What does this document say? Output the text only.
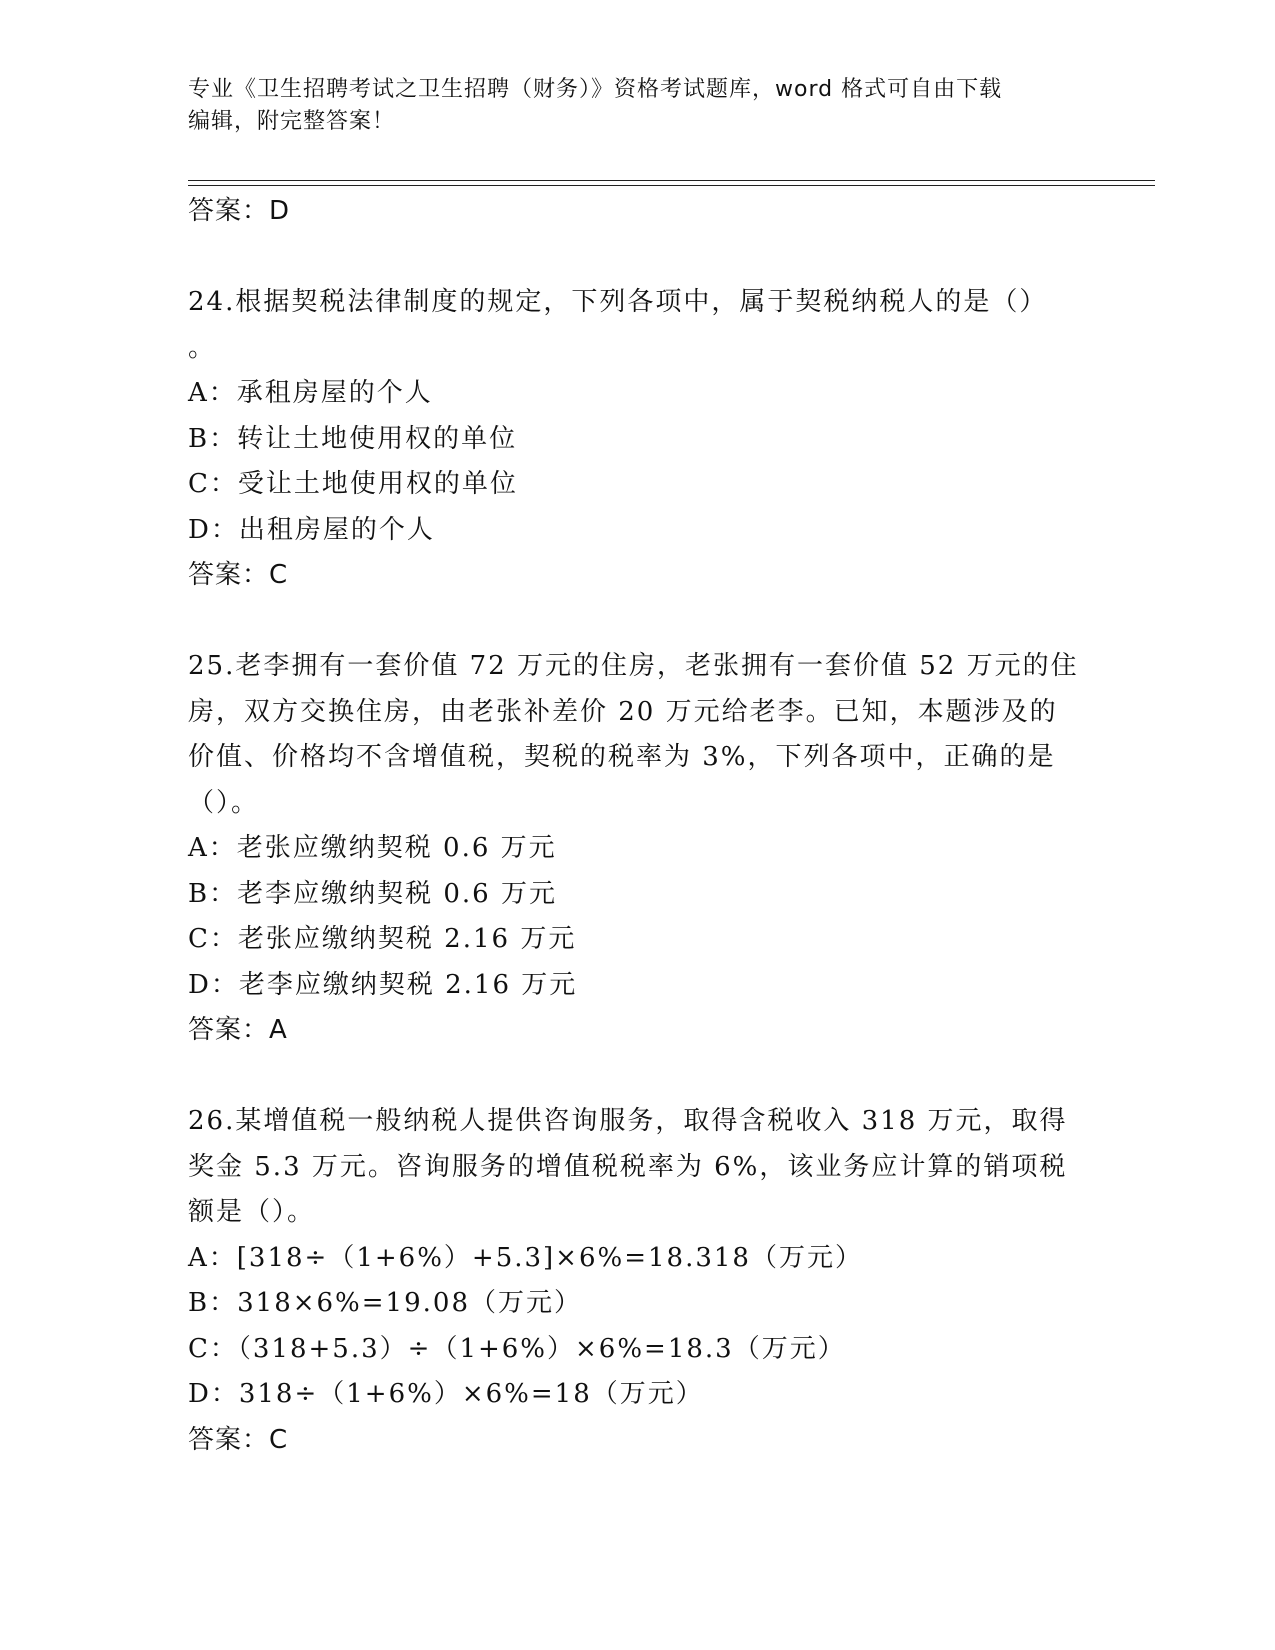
专业《卫生招聘考试之卫生招聘（财务）》资格考试题库，word 格式可自由下载
编辑，附完整答案！
答案：D
24.根据契税法律制度的规定，下列各项中，属于契税纳税人的是（）
。
A：承租房屋的个人
B：转让土地使用权的单位
C：受让土地使用权的单位
D：出租房屋的个人
答案：C
25.老李拥有一套价值 72 万元的住房，老张拥有一套价值 52 万元的住
房，双方交换住房，由老张补差价 20 万元给老李。已知，本题涉及的
价值、价格均不含增值税，契税的税率为 3%，下列各项中，正确的是
（）。
A：老张应缴纳契税 0.6 万元
B：老李应缴纳契税 0.6 万元
C：老张应缴纳契税 2.16 万元
D：老李应缴纳契税 2.16 万元
答案：A
26.某增值税一般纳税人提供咨询服务，取得含税收入 318 万元，取得
奖金 5.3 万元。咨询服务的增值税税率为 6%，该业务应计算的销项税
额是（）。
A：[318÷（1+6%）+5.3]×6%=18.318（万元）
B：318×6%=19.08（万元）
C：（318+5.3）÷（1+6%）×6%=18.3（万元）
D：318÷（1+6%）×6%=18（万元）
答案：C
